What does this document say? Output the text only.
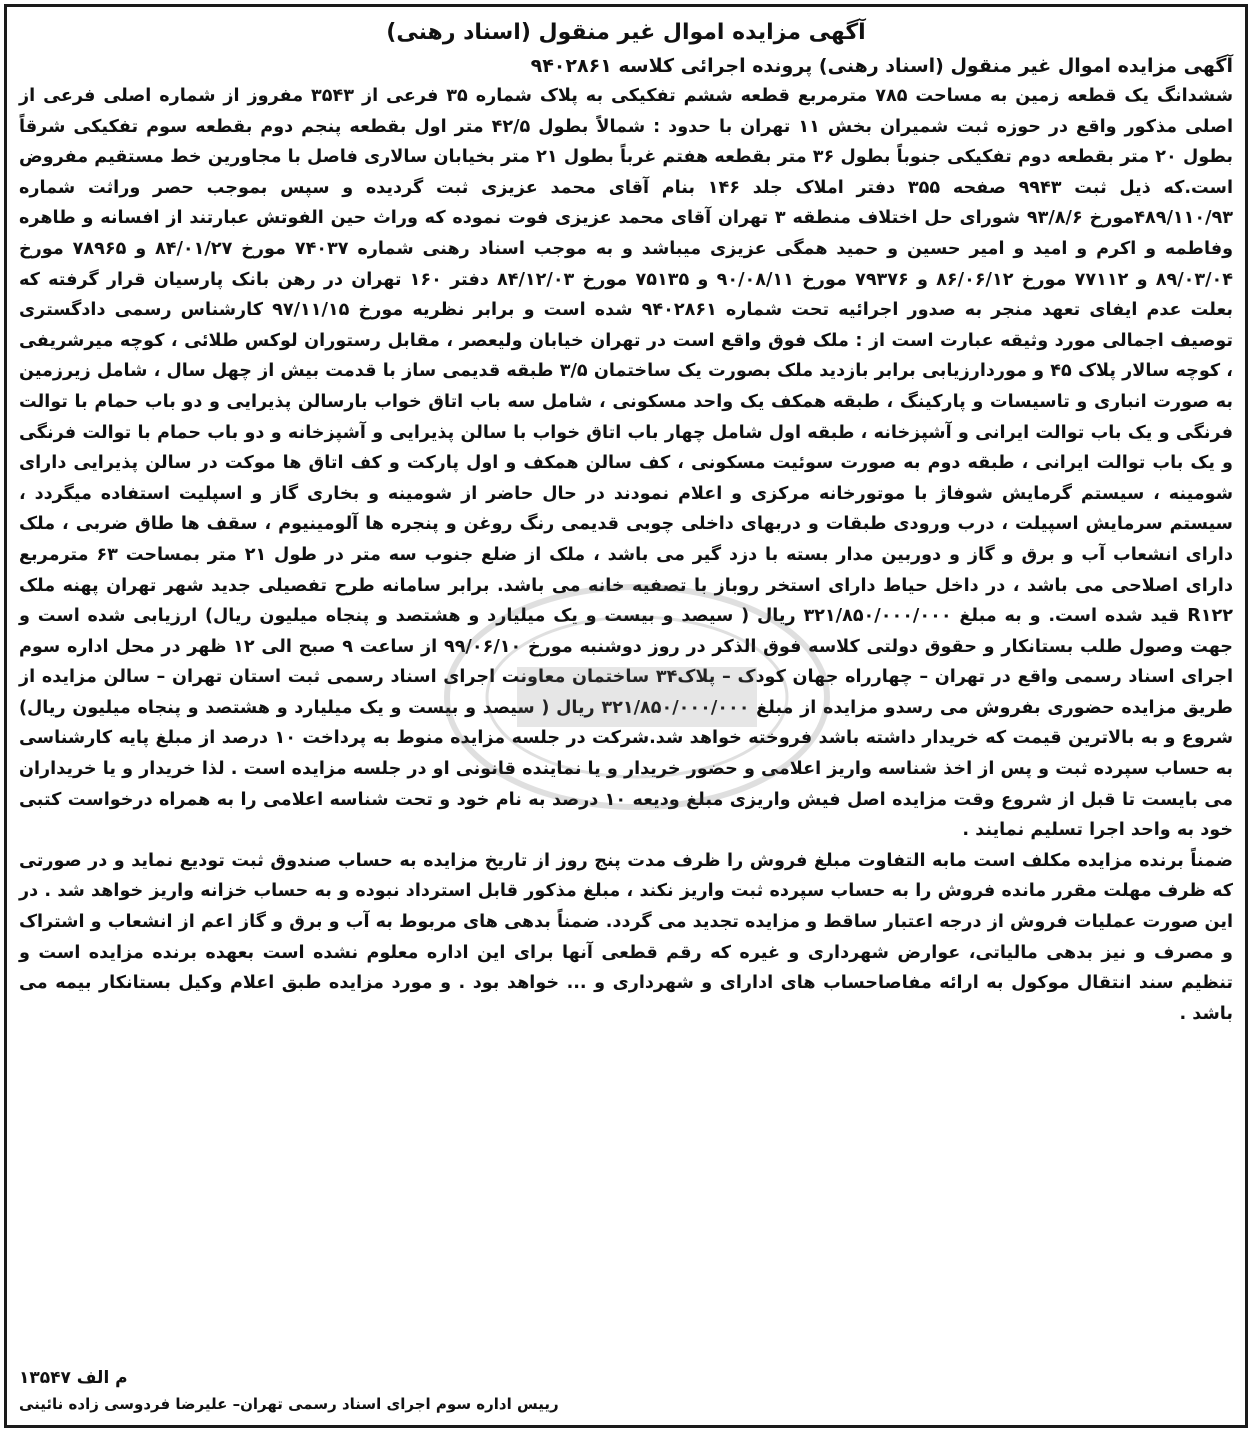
آگهی مزایده اموال غیر منقول (اسناد رهنی)
آگهی مزایده اموال غیر منقول (اسناد رهنی) پرونده اجرائی کلاسه ۹۴۰۲۸۶۱

ششدانگ یک قطعه زمین به مساحت ۷۸۵ مترمربع قطعه ششم تفکیکی به پلاک شماره ۳۵ فرعی از ۳۵۴۳ مفروز از شماره اصلی فرعی از اصلی مذکور واقع در حوزه ثبت شمیران بخش ۱۱ تهران با حدود : شمالاً بطول ۴۲/۵ متر اول بقطعه پنجم دوم بقطعه سوم تفکیکی شرقاً بطول ۲۰ متر بقطعه دوم تفکیکی جنوباً بطول ۳۶ متر بقطعه هفتم غرباً بطول ۲۱ متر بخیابان سالاری فاصل با مجاورین خط مستقیم مفروض است.که ذیل ثبت ۹۹۴۳ صفحه ۳۵۵ دفتر املاک جلد ۱۴۶ بنام آقای محمد عزیزی ثبت گردیده و سپس بموجب حصر وراثت شماره ۴۸۹/۱۱۰/۹۳مورخ ۹۳/۸/۶ شورای حل اختلاف منطقه ۳ تهران آقای محمد عزیزی فوت نموده که وراث حین الفوتش عبارتند از افسانه و طاهره وفاطمه و اکرم و امید و امیر حسین و حمید همگی عزیزی میباشد و به موجب اسناد رهنی شماره ۷۴۰۳۷ مورخ ۸۴/۰۱/۲۷ و ۷۸۹۶۵ مورخ ۸۹/۰۳/۰۴ و ۷۷۱۱۲ مورخ ۸۶/۰۶/۱۲ و ۷۹۳۷۶ مورخ ۹۰/۰۸/۱۱ و ۷۵۱۳۵ مورخ ۸۴/۱۲/۰۳ دفتر ۱۶۰ تهران در رهن بانک پارسیان قرار گرفته که بعلت عدم ایفای تعهد منجر به صدور اجرائیه تحت شماره ۹۴۰۲۸۶۱ شده است و برابر نظریه مورخ ۹۷/۱۱/۱۵ کارشناس رسمی دادگستری توصیف اجمالی مورد وثیقه عبارت است از : ملک فوق واقع است در تهران خیابان ولیعصر ، مقابل رستوران لوکس طلائی ، کوچه میرشریفی ، کوچه سالار پلاک ۴۵ و موردارزیابی برابر بازدید ملک بصورت یک ساختمان ۳/۵ طبقه قدیمی ساز با قدمت بیش از چهل سال ، شامل زیرزمین به صورت انباری و تاسیسات و پارکینگ ، طبقه همکف یک واحد مسکونی ، شامل سه باب اتاق خواب بارسالن پذیرایی و دو باب حمام با توالت فرنگی و یک باب توالت ایرانی و آشپزخانه ، طبقه اول شامل چهار باب اتاق خواب با سالن پذیرایی و آشپزخانه و دو باب حمام با توالت فرنگی و یک باب توالت ایرانی ، طبقه دوم به صورت سوئیت مسکونی ، کف سالن همکف و اول پارکت و کف اتاق ها موکت در سالن پذیرایی دارای شومینه ، سیستم گرمایش شوفاژ با موتورخانه مرکزی و اعلام نمودند در حال حاضر از شومینه و بخاری گاز و اسپلیت استفاده میگردد ، سیستم سرمایش اسپیلت ، درب ورودی طبقات و دربهای داخلی چوبی قدیمی رنگ روغن و پنجره ها آلومینیوم ، سقف ها طاق ضربی ، ملک دارای انشعاب آب و برق و گاز و دوربین مدار بسته با دزد گیر می باشد ، ملک از ضلع جنوب سه متر در طول ۲۱ متر بمساحت ۶۳ مترمربع دارای اصلاحی می باشد ، در داخل حیاط دارای استخر روباز با تصفیه خانه می باشد. برابر سامانه طرح تفصیلی جدید شهر تهران پهنه ملک R۱۲۲ قید شده است. و به مبلغ ۳۲۱/۸۵۰/۰۰۰/۰۰۰ ریال ( سیصد و بیست و یک میلیارد و هشتصد و پنجاه میلیون ریال) ارزیابی شده است و جهت وصول طلب بستانکار و حقوق دولتی کلاسه فوق الذکر در روز دوشنبه مورخ ۹۹/۰۶/۱۰ از ساعت ۹ صبح الی ۱۲ ظهر در محل اداره سوم اجرای اسناد رسمی واقع در تهران – چهارراه جهان کودک – پلاک۳۴ ساختمان معاونت اجرای اسناد رسمی ثبت استان تهران – سالن مزایده از طریق مزایده حضوری بفروش می رسدو مزایده از مبلغ ۳۲۱/۸۵۰/۰۰۰/۰۰۰ ریال ( سیصد و بیست و یک میلیارد و هشتصد و پنجاه میلیون ریال) شروع و به بالاترین قیمت که خریدار داشته باشد فروخته خواهد شد.شرکت در جلسه مزایده منوط به پرداخت ۱۰ درصد از مبلغ پایه کارشناسی به حساب سپرده ثبت و پس از اخذ شناسه واریز اعلامی و حضور خریدار و یا نماینده قانونی او در جلسه مزایده است . لذا خریدار و یا خریداران می بایست تا قبل از شروع وقت مزایده اصل فیش واریزی مبلغ ودیعه ۱۰ درصد به نام خود و تحت شناسه اعلامی را به همراه درخواست کتبی خود به واحد اجرا تسلیم نمایند .

ضمناً برنده مزایده مکلف است مابه التفاوت مبلغ فروش را ظرف مدت پنج روز از تاریخ مزایده به حساب صندوق ثبت تودیع نماید و در صورتی که ظرف مهلت مقرر مانده فروش را به حساب سپرده ثبت واریز نکند ، مبلغ مذکور قابل استرداد نبوده و به حساب خزانه واریز خواهد شد . در این صورت عملیات فروش از درجه اعتبار ساقط و مزایده تجدید می گردد. ضمناً بدهی های مربوط به آب و برق و گاز اعم از انشعاب و اشتراک و مصرف و نیز بدهی مالیاتی، عوارض شهرداری و غیره که رقم قطعی آنها برای این اداره معلوم نشده است بعهده برنده مزایده است و تنظیم سند انتقال موکول به ارائه مفاصاحساب های ادارای و شهرداری و ... خواهد بود . و مورد مزایده طبق اعلام وکیل بستانکار بیمه می باشد .

م الف ۱۳۵۴۷
رییس اداره سوم اجرای اسناد رسمی تهران– علیرضا فردوسی زاده نائینی
